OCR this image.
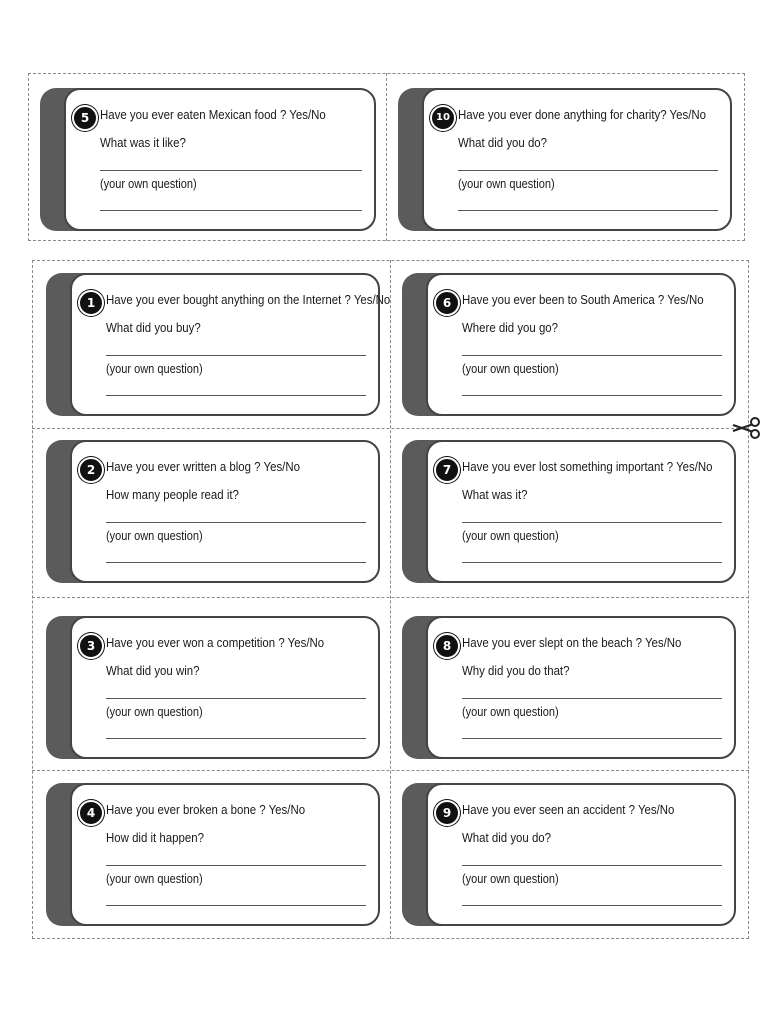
5 Have you ever eaten Mexican food ? Yes/No
What was it like?
(your own question)
10 Have you ever done anything for charity? Yes/No
What did you do?
(your own question)
1 Have you ever bought anything on the Internet ? Yes/No
What did you buy?
(your own question)
6 Have you ever been to South America ? Yes/No
Where did you go?
(your own question)
2 Have you ever written a blog ? Yes/No
How many people read it?
(your own question)
7 Have you ever lost something important ? Yes/No
What was it?
(your own question)
3 Have you ever won a competition ? Yes/No
What did you win?
(your own question)
8 Have you ever slept on the beach ? Yes/No
Why did you do that?
(your own question)
4 Have you ever broken a bone ? Yes/No
How did it happen?
(your own question)
9 Have you ever seen an accident ? Yes/No
What did you do?
(your own question)
